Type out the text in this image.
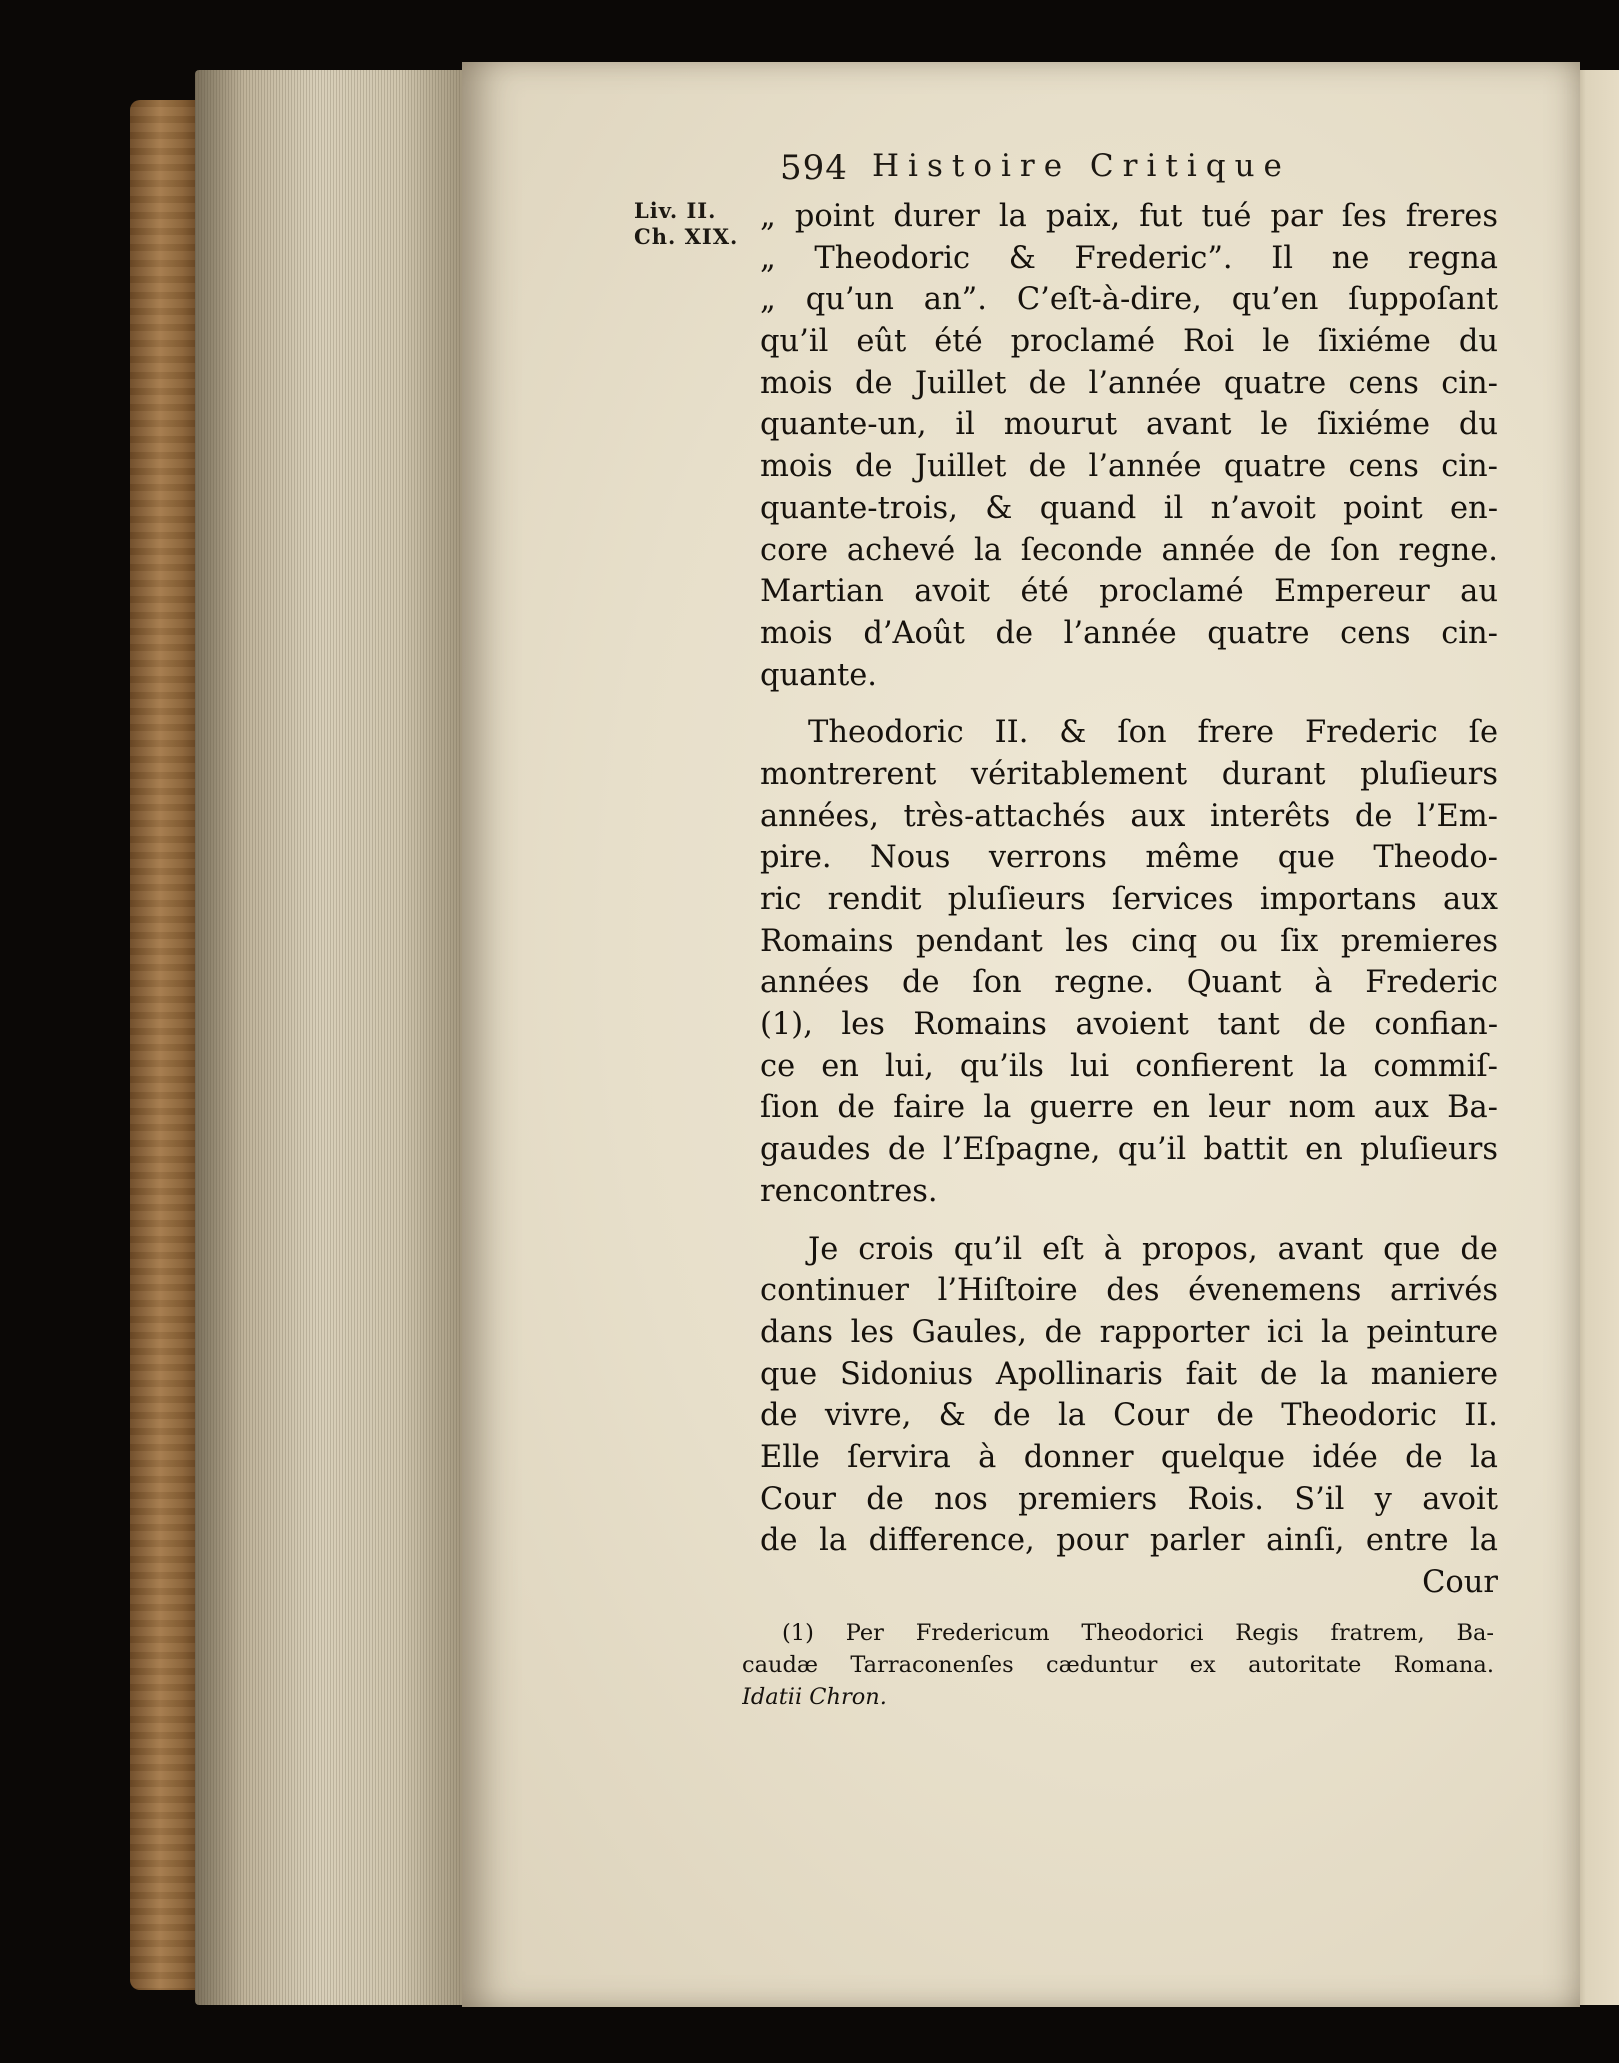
594 Histoire Critique
Liv. II.
Ch. XIX.
„ point durer la paix, fut tué par ſes freres
„ Theodoric & Frederic”. Il ne regna
„ qu’un an”. C’eſt-à-dire, qu’en ſuppoſant
qu’il eût été proclamé Roi le ſixiéme du
mois de Juillet de l’année quatre cens cin-
quante-un, il mourut avant le ſixiéme du
mois de Juillet de l’année quatre cens cin-
quante-trois, & quand il n’avoit point en-
core achevé la ſeconde année de ſon regne.
Martian avoit été proclamé Empereur au
mois d’Août de l’année quatre cens cin-
quante.
Theodoric II. & ſon frere Frederic ſe
montrerent véritablement durant pluſieurs
années, très-attachés aux interêts de l’Em-
pire. Nous verrons même que Theodo-
ric rendit pluſieurs ſervices importans aux
Romains pendant les cinq ou ſix premieres
années de ſon regne. Quant à Frederic
(1), les Romains avoient tant de confian-
ce en lui, qu’ils lui confierent la commiſ-
ſion de faire la guerre en leur nom aux Ba-
gaudes de l’Eſpagne, qu’il battit en pluſieurs
rencontres.
Je crois qu’il eſt à propos, avant que de
continuer l’Hiſtoire des évenemens arrivés
dans les Gaules, de rapporter ici la peinture
que Sidonius Apollinaris fait de la maniere
de vivre, & de la Cour de Theodoric II.
Elle ſervira à donner quelque idée de la
Cour de nos premiers Rois. S’il y avoit
de la difference, pour parler ainſi, entre la
Cour
(1) Per Fredericum Theodorici Regis fratrem, Ba-
caudæ Tarraconenſes cæduntur ex autoritate Romana.
Idatii Chron.
